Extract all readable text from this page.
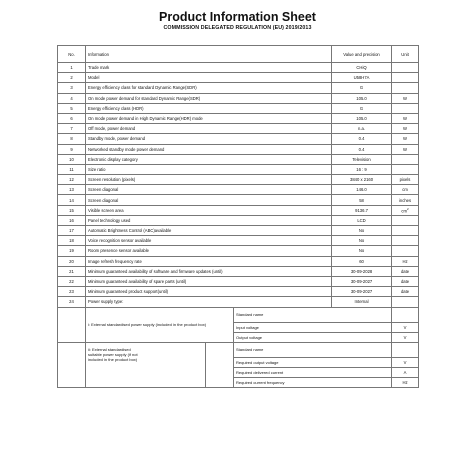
Product Information Sheet
COMMISSION DELEGATED REGULATION (EU) 2019/2013
No.	Information			Value and precision	Unit
1	Trade mark			CHiQ	
2	Model			U58H7A	
3	Energy efficiency class for standard Dynamic Range(SDR)			G	
4	On mode power demand for standard Dynamic Range(SDR)			105.0	W
5	Energy efficiency class (HDR)			G	
6	On mode power demand in High Dynamic Range(HDR) mode			105.0	W
7	Off mode, power demand			n.a.	W
8	Standby mode, power demand			0.4	W
9	Networked standby mode power demand			0.4	W
10	Electronic display category			Television	
11	Size ratio			16 : 9	
12	Screen resolution (pixels)			3840 x 2160	pixels
13	Screen diagonal			146.0	cm
14	Screen diagonal			58	inches
15	Visible screen area			9136.7	$cm^2$
16	Panel technology used			LCD	
17	Automatic Brightness Control (ABC)available			No	
18	Voice recognition sensor available			No	
19	Room presence sensor available			No	
20	Image refresh frequency rate			60	Hz
21	Minimum guaranteed availability of software and firmware updates (until)			30-09-2028	date
22	Minimum guaranteed availability of spare parts (until)			30-09-2027	date
23	Minimum guaranteed product support(until)			30-09-2027	date
24	Power supply type:			Internal	
	i: External standardised power supply (included in the product box)		Standard name		
			Input voltage		V
			Output voltage		V

	ii: External standardised
suitable power supply (if not
included in the product box)		Standard name		
			Required output voltage		V
			Required delivered current		A
			Required current frequency		Hz
